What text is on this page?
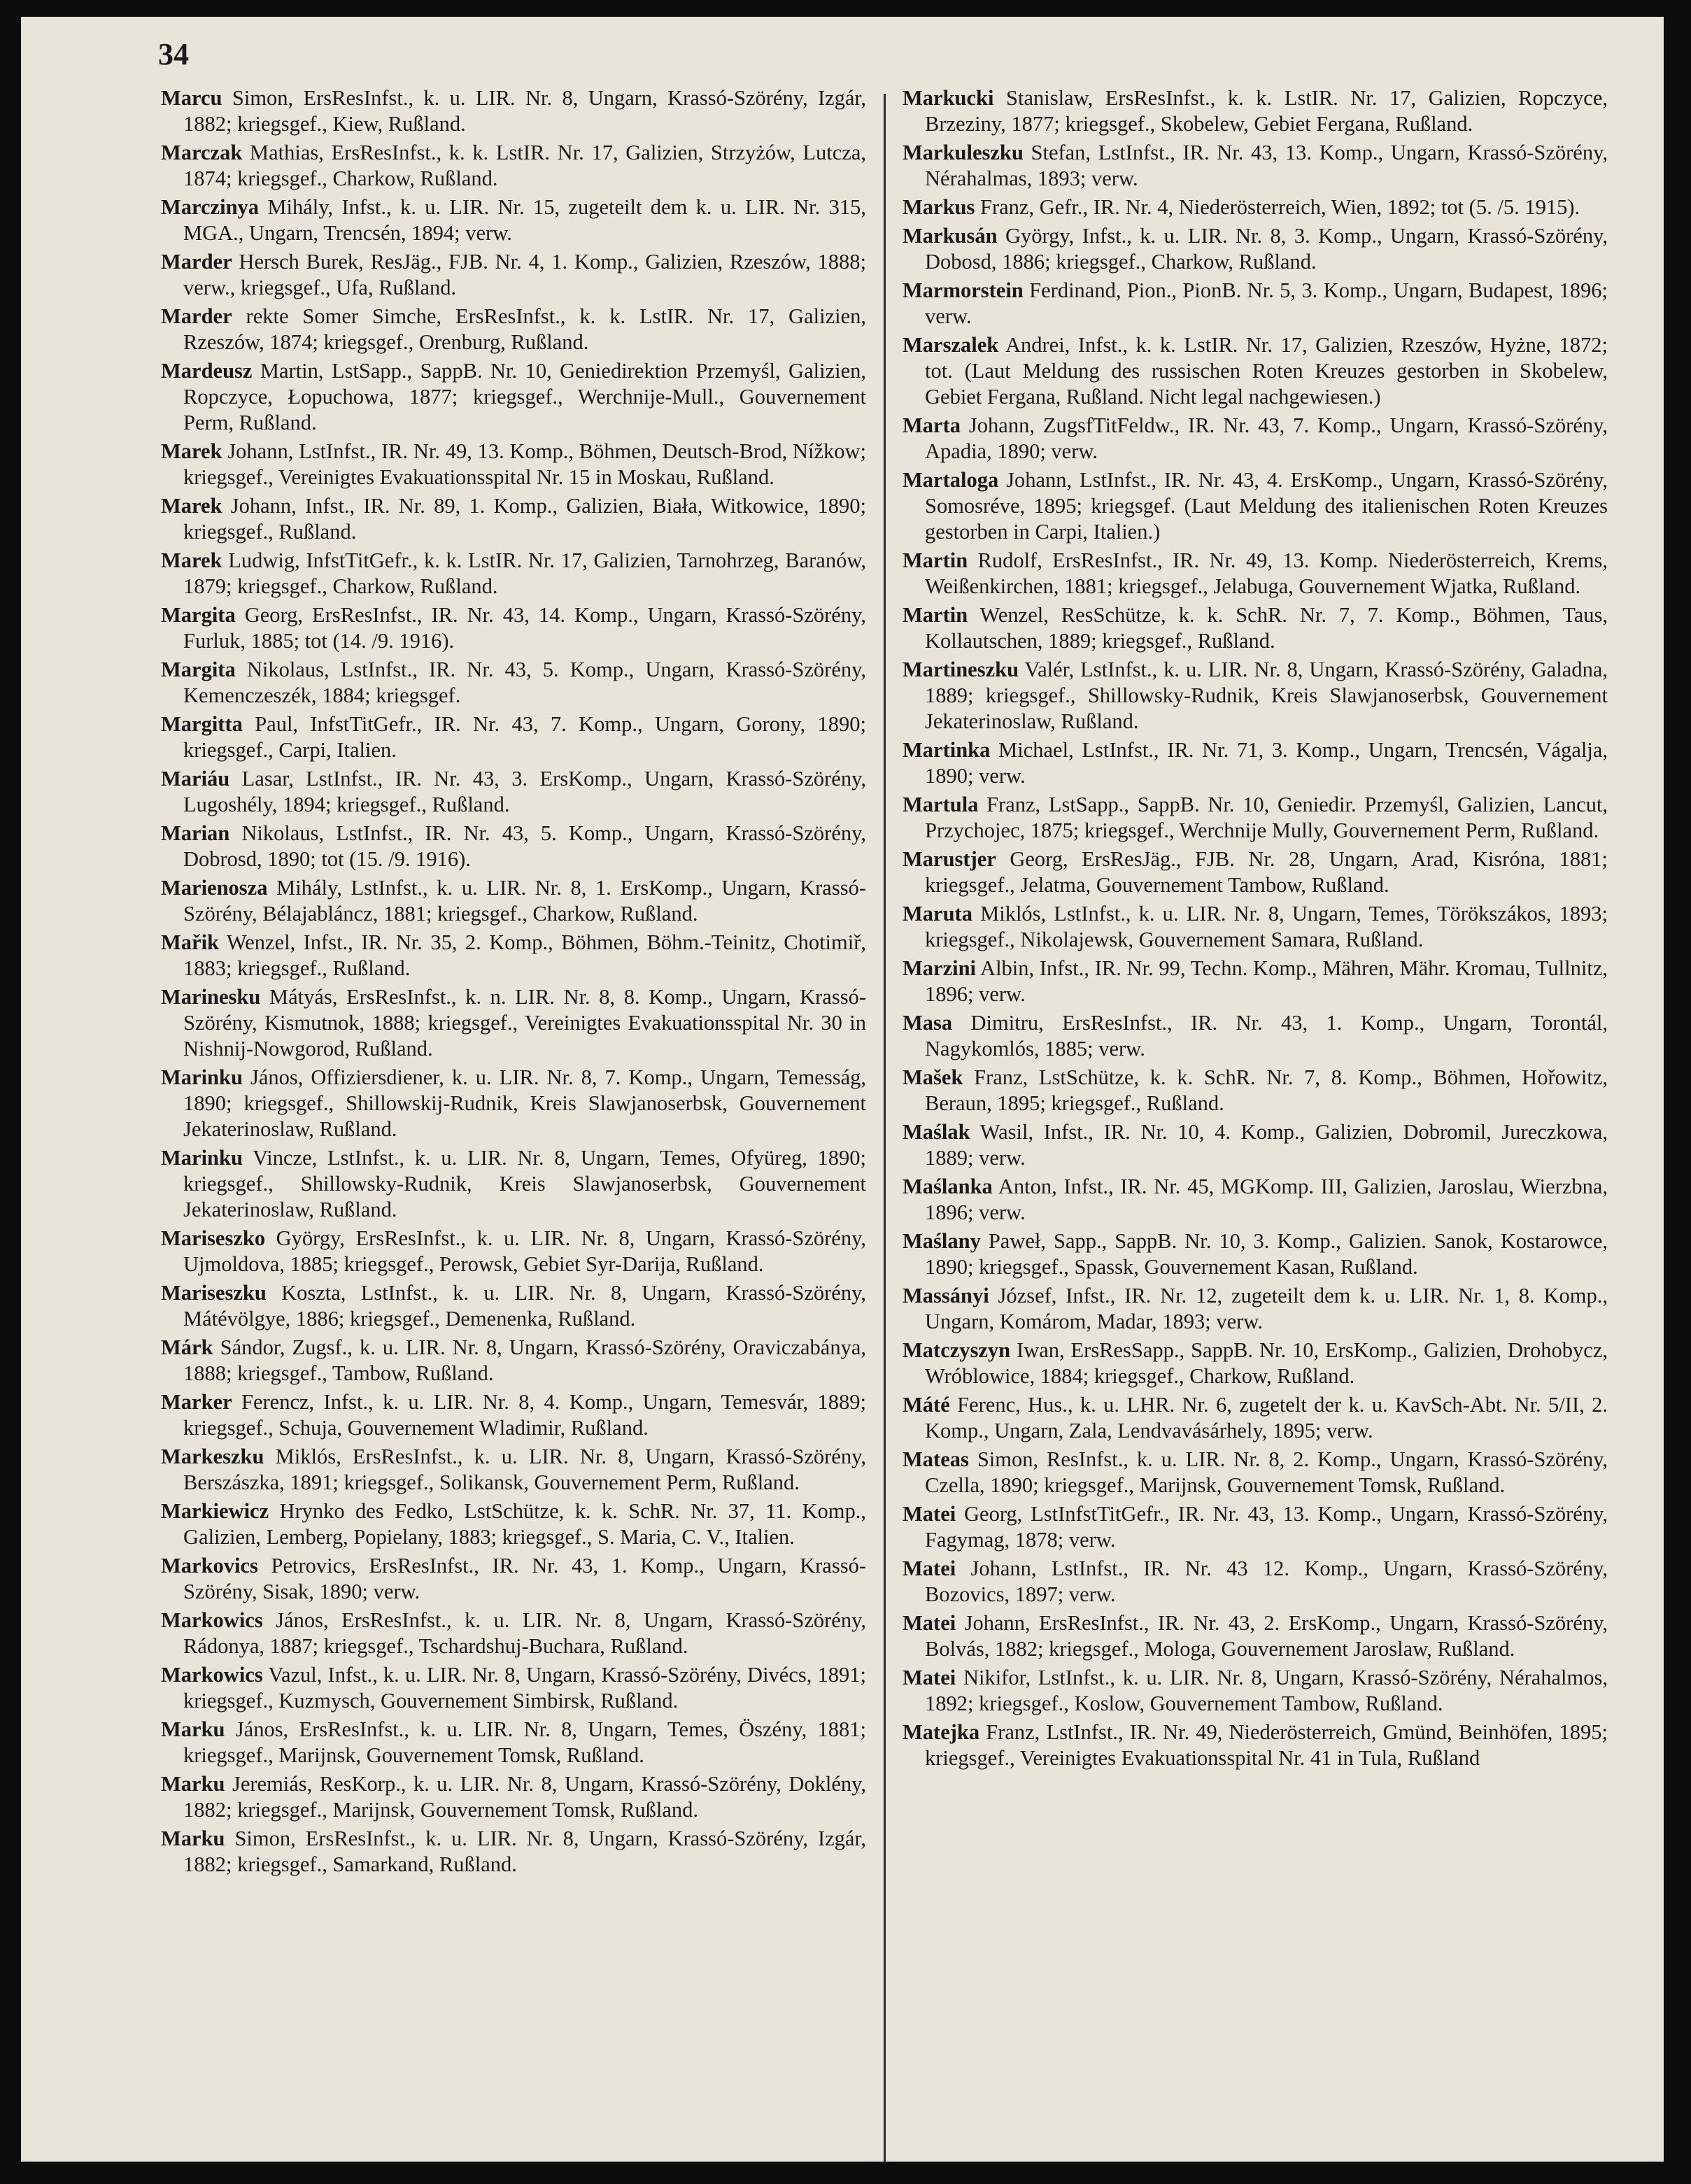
34

Marcu Simon, ErsResInfst., k. u. LIR. Nr. 8, Ungarn, Krassó-Szörény, Izgár, 1882; kriegsgef., Kiew, Rußland.

Marczak Mathias, ErsResInfst., k. k. LstIR. Nr. 17, Galizien, Strzyżów, Lutcza, 1874; kriegsgef., Charkow, Rußland.

Marczinya Mihály, Infst., k. u. LIR. Nr. 15, zugeteilt dem k. u. LIR. Nr. 315, MGA., Ungarn, Trencsén, 1894; verw.

Marder Hersch Burek, ResJäg., FJB. Nr. 4, 1. Komp., Galizien, Rzeszów, 1888; verw., kriegsgef., Ufa, Rußland.

Marder rekte Somer Simche, ErsResInfst., k. k. LstIR. Nr. 17, Galizien, Rzeszów, 1874; kriegsgef., Orenburg, Rußland.

Mardeusz Martin, LstSapp., SappB. Nr. 10, Geniedirektion Przemyśl, Galizien, Ropczyce, Łopuchowa, 1877; kriegsgef., Werchnije-Mull., Gouvernement Perm, Rußland.

Marek Johann, LstInfst., IR. Nr. 49, 13. Komp., Böhmen, Deutsch-Brod, Nížkow; kriegsgef., Vereinigtes Evakuationsspital Nr. 15 in Moskau, Rußland.

Marek Johann, Infst., IR. Nr. 89, 1. Komp., Galizien, Biała, Witkowice, 1890; kriegsgef., Rußland.

Marek Ludwig, InfstTitGefr., k. k. LstIR. Nr. 17, Galizien, Tarnohrzeg, Baranów, 1879; kriegsgef., Charkow, Rußland.

Margita Georg, ErsResInfst., IR. Nr. 43, 14. Komp., Ungarn, Krassó-Szörény, Furluk, 1885; tot (14. /9. 1916).

Margita Nikolaus, LstInfst., IR. Nr. 43, 5. Komp., Ungarn, Krassó-Szörény, Kemenczeszék, 1884; kriegsgef.

Margitta Paul, InfstTitGefr., IR. Nr. 43, 7. Komp., Ungarn, Gorony, 1890; kriegsgef., Carpi, Italien.

Mariáu Lasar, LstInfst., IR. Nr. 43, 3. ErsKomp., Ungarn, Krassó-Szörény, Lugoshély, 1894; kriegsgef., Rußland.

Marian Nikolaus, LstInfst., IR. Nr. 43, 5. Komp., Ungarn, Krassó-Szörény, Dobrosd, 1890; tot (15. /9. 1916).

Marienosza Mihály, LstInfst., k. u. LIR. Nr. 8, 1. ErsKomp., Ungarn, Krassó-Szörény, Bélajabláncz, 1881; kriegsgef., Charkow, Rußland.

Mařik Wenzel, Infst., IR. Nr. 35, 2. Komp., Böhmen, Böhm.-Teinitz, Chotimiř, 1883; kriegsgef., Rußland.

Marinesku Mátyás, ErsResInfst., k. n. LIR. Nr. 8, 8. Komp., Ungarn, Krassó-Szörény, Kismutnok, 1888; kriegsgef., Vereinigtes Evakuationsspital Nr. 30 in Nishnij-Nowgorod, Rußland.

Marinku János, Offiziersdiener, k. u. LIR. Nr. 8, 7. Komp., Ungarn, Temesság, 1890; kriegsgef., Shillowskij-Rudnik, Kreis Slawjanoserbsk, Gouvernement Jekaterinoslaw, Rußland.

Marinku Vincze, LstInfst., k. u. LIR. Nr. 8, Ungarn, Temes, Ofyüreg, 1890; kriegsgef., Shillowsky-Rudnik, Kreis Slawjanoserbsk, Gouvernement Jekaterinoslaw, Rußland.

Mariseszko György, ErsResInfst., k. u. LIR. Nr. 8, Ungarn, Krassó-Szörény, Ujmoldova, 1885; kriegsgef., Perowsk, Gebiet Syr-Darija, Rußland.

Mariseszku Koszta, LstInfst., k. u. LIR. Nr. 8, Ungarn, Krassó-Szörény, Mátévölgye, 1886; kriegsgef., Demenenka, Rußland.

Márk Sándor, Zugsf., k. u. LIR. Nr. 8, Ungarn, Krassó-Szörény, Oraviczabánya, 1888; kriegsgef., Tambow, Rußland.

Marker Ferencz, Infst., k. u. LIR. Nr. 8, 4. Komp., Ungarn, Temesvár, 1889; kriegsgef., Schuja, Gouvernement Wladimir, Rußland.

Markeszku Miklós, ErsResInfst., k. u. LIR. Nr. 8, Ungarn, Krassó-Szörény, Berszászka, 1891; kriegsgef., Solikansk, Gouvernement Perm, Rußland.

Markiewicz Hrynko des Fedko, LstSchütze, k. k. SchR. Nr. 37, 11. Komp., Galizien, Lemberg, Popielany, 1883; kriegsgef., S. Maria, C. V., Italien.

Markovics Petrovics, ErsResInfst., IR. Nr. 43, 1. Komp., Ungarn, Krassó-Szörény, Sisak, 1890; verw.

Markowics János, ErsResInfst., k. u. LIR. Nr. 8, Ungarn, Krassó-Szörény, Rádonya, 1887; kriegsgef., Tschardshuj-Buchara, Rußland.

Markowics Vazul, Infst., k. u. LIR. Nr. 8, Ungarn, Krassó-Szörény, Divécs, 1891; kriegsgef., Kuzmysch, Gouvernement Simbirsk, Rußland.

Marku János, ErsResInfst., k. u. LIR. Nr. 8, Ungarn, Temes, Öszény, 1881; kriegsgef., Marijnsk, Gouvernement Tomsk, Rußland.

Marku Jeremiás, ResKorp., k. u. LIR. Nr. 8, Ungarn, Krassó-Szörény, Doklény, 1882; kriegsgef., Marijnsk, Gouvernement Tomsk, Rußland.

Marku Simon, ErsResInfst., k. u. LIR. Nr. 8, Ungarn, Krassó-Szörény, Izgár, 1882; kriegsgef., Samarkand, Rußland.

Markucki Stanislaw, ErsResInfst., k. k. LstIR. Nr. 17, Galizien, Ropczyce, Brzeziny, 1877; kriegsgef., Skobelew, Gebiet Fergana, Rußland.

Markuleszku Stefan, LstInfst., IR. Nr. 43, 13. Komp., Ungarn, Krassó-Szörény, Nérahalmas, 1893; verw.

Markus Franz, Gefr., IR. Nr. 4, Niederösterreich, Wien, 1892; tot (5. /5. 1915).

Markusán György, Infst., k. u. LIR. Nr. 8, 3. Komp., Ungarn, Krassó-Szörény, Dobosd, 1886; kriegsgef., Charkow, Rußland.

Marmorstein Ferdinand, Pion., PionB. Nr. 5, 3. Komp., Ungarn, Budapest, 1896; verw.

Marszalek Andrei, Infst., k. k. LstIR. Nr. 17, Galizien, Rzeszów, Hyżne, 1872; tot. (Laut Meldung des russischen Roten Kreuzes gestorben in Skobelew, Gebiet Fergana, Rußland. Nicht legal nachgewiesen.)

Marta Johann, ZugsfTitFeldw., IR. Nr. 43, 7. Komp., Ungarn, Krassó-Szörény, Apadia, 1890; verw.

Martaloga Johann, LstInfst., IR. Nr. 43, 4. ErsKomp., Ungarn, Krassó-Szörény, Somosréve, 1895; kriegsgef. (Laut Meldung des italienischen Roten Kreuzes gestorben in Carpi, Italien.)

Martin Rudolf, ErsResInfst., IR. Nr. 49, 13. Komp. Niederösterreich, Krems, Weißenkirchen, 1881; kriegsgef., Jelabuga, Gouvernement Wjatka, Rußland.

Martin Wenzel, ResSchütze, k. k. SchR. Nr. 7, 7. Komp., Böhmen, Taus, Kollautschen, 1889; kriegsgef., Rußland.

Martineszku Valér, LstInfst., k. u. LIR. Nr. 8, Ungarn, Krassó-Szörény, Galadna, 1889; kriegsgef., Shillowsky-Rudnik, Kreis Slawjanoserbsk, Gouvernement Jekaterinoslaw, Rußland.

Martinka Michael, LstInfst., IR. Nr. 71, 3. Komp., Ungarn, Trencsén, Vágalja, 1890; verw.

Martula Franz, LstSapp., SappB. Nr. 10, Geniedir. Przemyśl, Galizien, Lancut, Przychojec, 1875; kriegsgef., Werchnije Mully, Gouvernement Perm, Rußland.

Marustjer Georg, ErsResJäg., FJB. Nr. 28, Ungarn, Arad, Kisróna, 1881; kriegsgef., Jelatma, Gouvernement Tambow, Rußland.

Maruta Miklós, LstInfst., k. u. LIR. Nr. 8, Ungarn, Temes, Törökszákos, 1893; kriegsgef., Nikolajewsk, Gouvernement Samara, Rußland.

Marzini Albin, Infst., IR. Nr. 99, Techn. Komp., Mähren, Mähr. Kromau, Tullnitz, 1896; verw.

Masa Dimitru, ErsResInfst., IR. Nr. 43, 1. Komp., Ungarn, Torontál, Nagykomlós, 1885; verw.

Mašek Franz, LstSchütze, k. k. SchR. Nr. 7, 8. Komp., Böhmen, Hořowitz, Beraun, 1895; kriegsgef., Rußland.

Maślak Wasil, Infst., IR. Nr. 10, 4. Komp., Galizien, Dobromil, Jureczkowa, 1889; verw.

Maślanka Anton, Infst., IR. Nr. 45, MGKomp. III, Galizien, Jaroslau, Wierzbna, 1896; verw.

Maślany Paweł, Sapp., SappB. Nr. 10, 3. Komp., Galizien. Sanok, Kostarowce, 1890; kriegsgef., Spassk, Gouvernement Kasan, Rußland.

Massányi József, Infst., IR. Nr. 12, zugeteilt dem k. u. LIR. Nr. 1, 8. Komp., Ungarn, Komárom, Madar, 1893; verw.

Matczyszyn Iwan, ErsResSapp., SappB. Nr. 10, ErsKomp., Galizien, Drohobycz, Wróblowice, 1884; kriegsgef., Charkow, Rußland.

Máté Ferenc, Hus., k. u. LHR. Nr. 6, zugetelt der k. u. KavSch-Abt. Nr. 5/II, 2. Komp., Ungarn, Zala, Lendvavásárhely, 1895; verw.

Mateas Simon, ResInfst., k. u. LIR. Nr. 8, 2. Komp., Ungarn, Krassó-Szörény, Czella, 1890; kriegsgef., Marijnsk, Gouvernement Tomsk, Rußland.

Matei Georg, LstInfstTitGefr., IR. Nr. 43, 13. Komp., Ungarn, Krassó-Szörény, Fagymag, 1878; verw.

Matei Johann, LstInfst., IR. Nr. 43 12. Komp., Ungarn, Krassó-Szörény, Bozovics, 1897; verw.

Matei Johann, ErsResInfst., IR. Nr. 43, 2. ErsKomp., Ungarn, Krassó-Szörény, Bolvás, 1882; kriegsgef., Mologa, Gouvernement Jaroslaw, Rußland.

Matei Nikifor, LstInfst., k. u. LIR. Nr. 8, Ungarn, Krassó-Szörény, Nérahalmos, 1892; kriegsgef., Koslow, Gouvernement Tambow, Rußland.

Matejka Franz, LstInfst., IR. Nr. 49, Niederösterreich, Gmünd, Beinhöfen, 1895; kriegsgef., Vereinigtes Evakuationsspital Nr. 41 in Tula, Rußland
